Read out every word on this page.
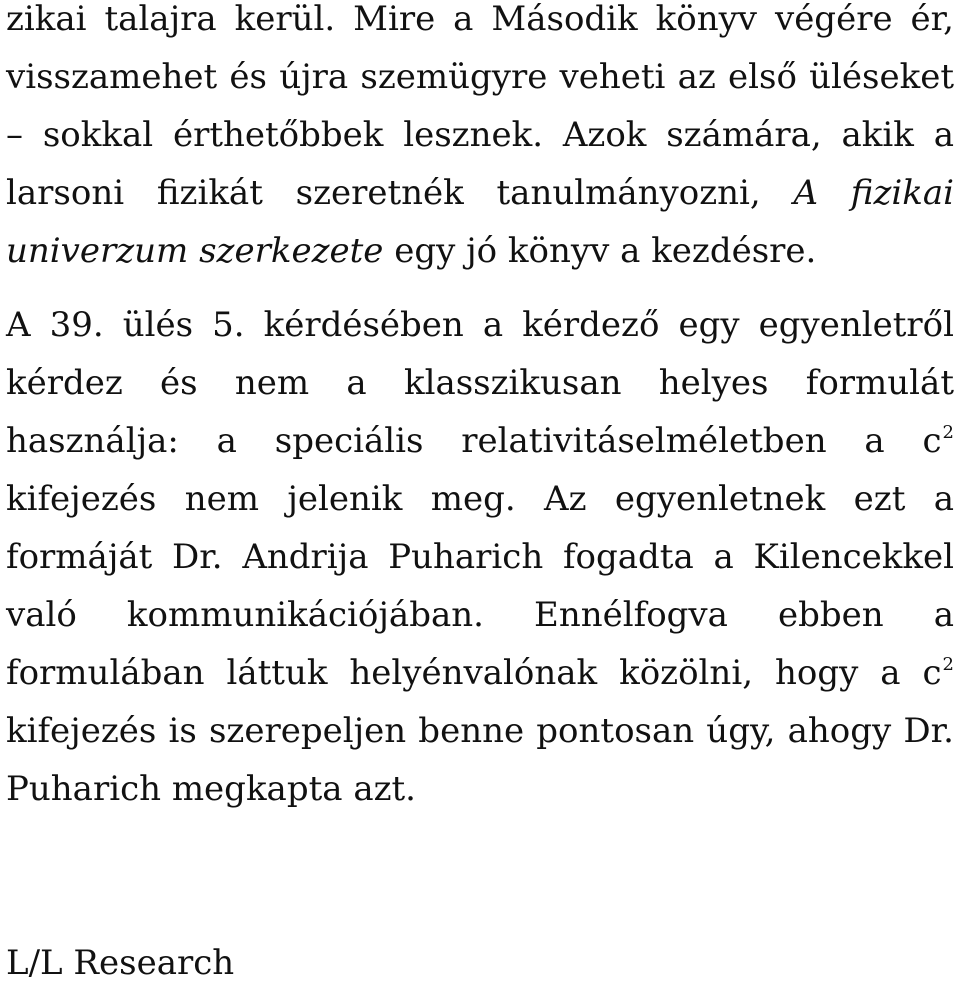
zikai talajra kerül. Mire a Második könyv végére ér, visszamehet és újra szemügyre veheti az első üléseket – sokkal érthetőbbek lesznek. Azok számára, akik a larsoni fizikát szeretnék tanulmányozni, A fizikai univerzum szerkezete egy jó könyv a kezdésre.

A 39. ülés 5. kérdésében a kérdező egy egyenletről kérdez és nem a klasszikusan helyes formulát használja: a speciális relativitáselméletben a $c^2$ kifejezés nem jelenik meg. Az egyenletnek ezt a formáját Dr. Andrija Puharich fogadta a Kilencekkel való kommunikációjában. Ennélfogva ebben a formulában láttuk helyénvalónak közölni, hogy a $c^2$ kifejezés is szerepeljen benne pontosan úgy, ahogy Dr. Puharich megkapta azt.

L/L Research
